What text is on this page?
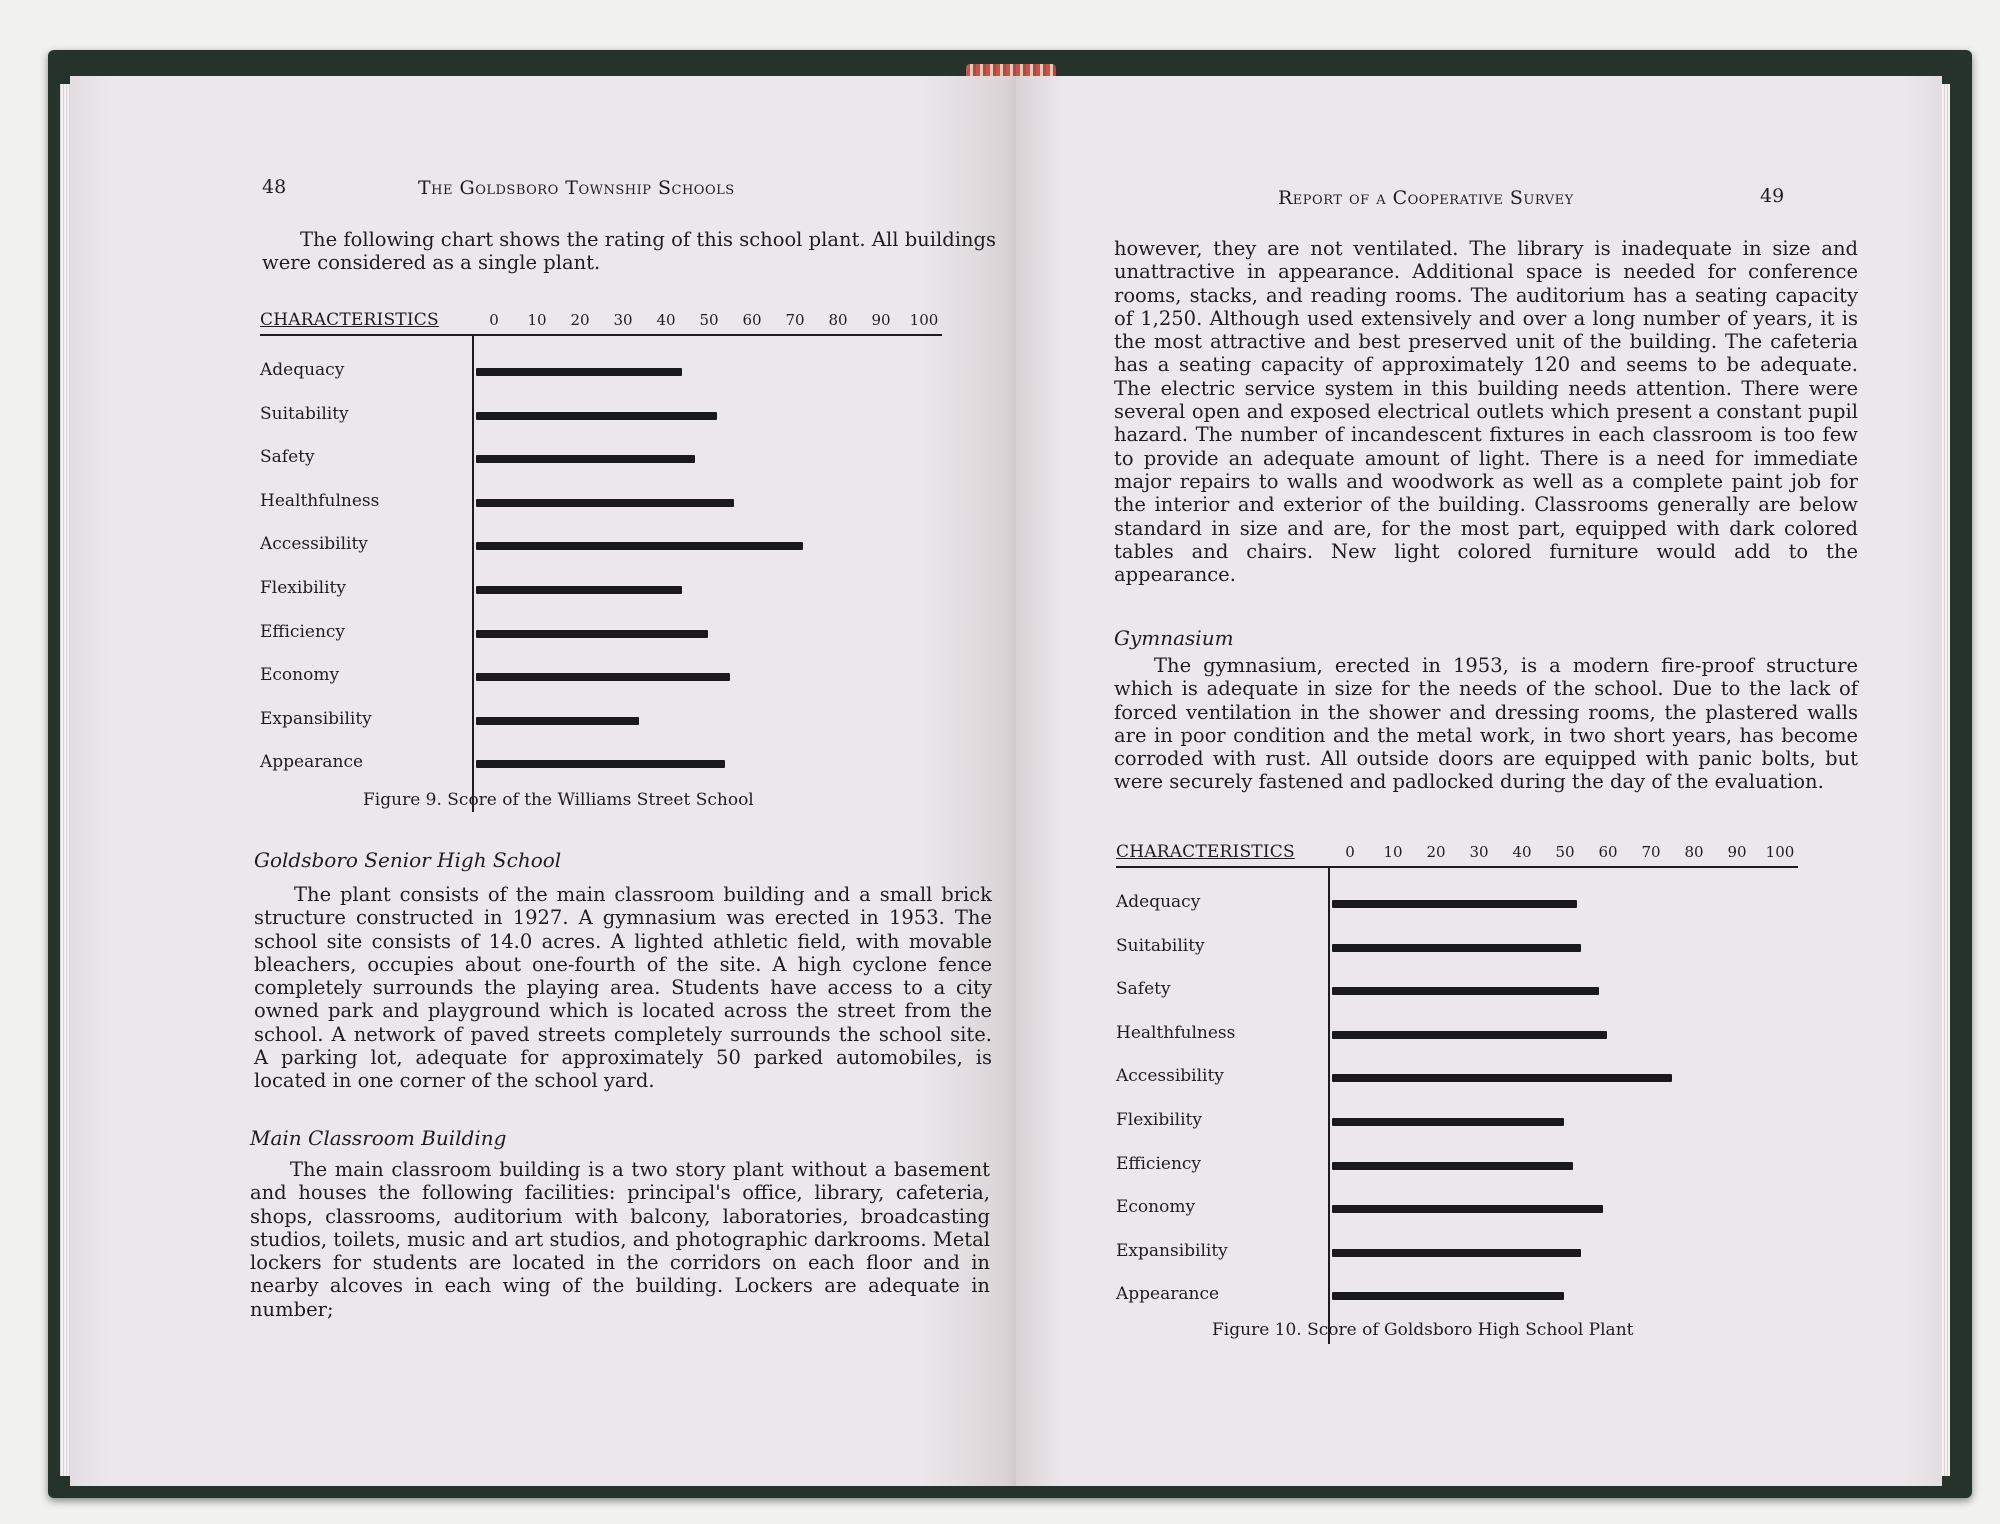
48	The Goldsboro Township Schools
The following chart shows the rating of this school plant. All buildings were considered as a single plant.
CHARACTERISTICS	0 10 20 30 40 50 60 70 80 90 100
Adequacy
Suitability
Safety
Healthfulness
Accessibility
Flexibility
Efficiency
Economy
Expansibility
Appearance
Figure 9. Score of the Williams Street School
Goldsboro Senior High School
The plant consists of the main classroom building and a small brick structure constructed in 1927. A gymnasium was erected in 1953. The school site consists of 14.0 acres. A lighted athletic field, with movable bleachers, occupies about one-fourth of the site. A high cyclone fence completely surrounds the playing area. Students have access to a city owned park and playground which is located across the street from the school. A network of paved streets completely surrounds the school site. A parking lot, adequate for approximately 50 parked automobiles, is located in one corner of the school yard.
Main Classroom Building
The main classroom building is a two story plant without a basement and houses the following facilities: principal's office, library, cafeteria, shops, classrooms, auditorium with balcony, laboratories, broadcasting studios, toilets, music and art studios, and photographic darkrooms. Metal lockers for students are located in the corridors on each floor and in nearby alcoves in each wing of the building. Lockers are adequate in number;
Report of a Cooperative Survey	49
however, they are not ventilated. The library is inadequate in size and unattractive in appearance. Additional space is needed for conference rooms, stacks, and reading rooms. The auditorium has a seating capacity of 1,250. Although used extensively and over a long number of years, it is the most attractive and best preserved unit of the building. The cafeteria has a seating capacity of approximately 120 and seems to be adequate. The electric service system in this building needs attention. There were several open and exposed electrical outlets which present a constant pupil hazard. The number of incandescent fixtures in each classroom is too few to provide an adequate amount of light. There is a need for immediate major repairs to walls and woodwork as well as a complete paint job for the interior and exterior of the building. Classrooms generally are below standard in size and are, for the most part, equipped with dark colored tables and chairs. New light colored furniture would add to the appearance.
Gymnasium
The gymnasium, erected in 1953, is a modern fire-proof structure which is adequate in size for the needs of the school. Due to the lack of forced ventilation in the shower and dressing rooms, the plastered walls are in poor condition and the metal work, in two short years, has become corroded with rust. All outside doors are equipped with panic bolts, but were securely fastened and padlocked during the day of the evaluation.
CHARACTERISTICS	0 10 20 30 40 50 60 70 80 90 100
Adequacy
Suitability
Safety
Healthfulness
Accessibility
Flexibility
Efficiency
Economy
Expansibility
Appearance
Figure 10. Score of Goldsboro High School Plant
